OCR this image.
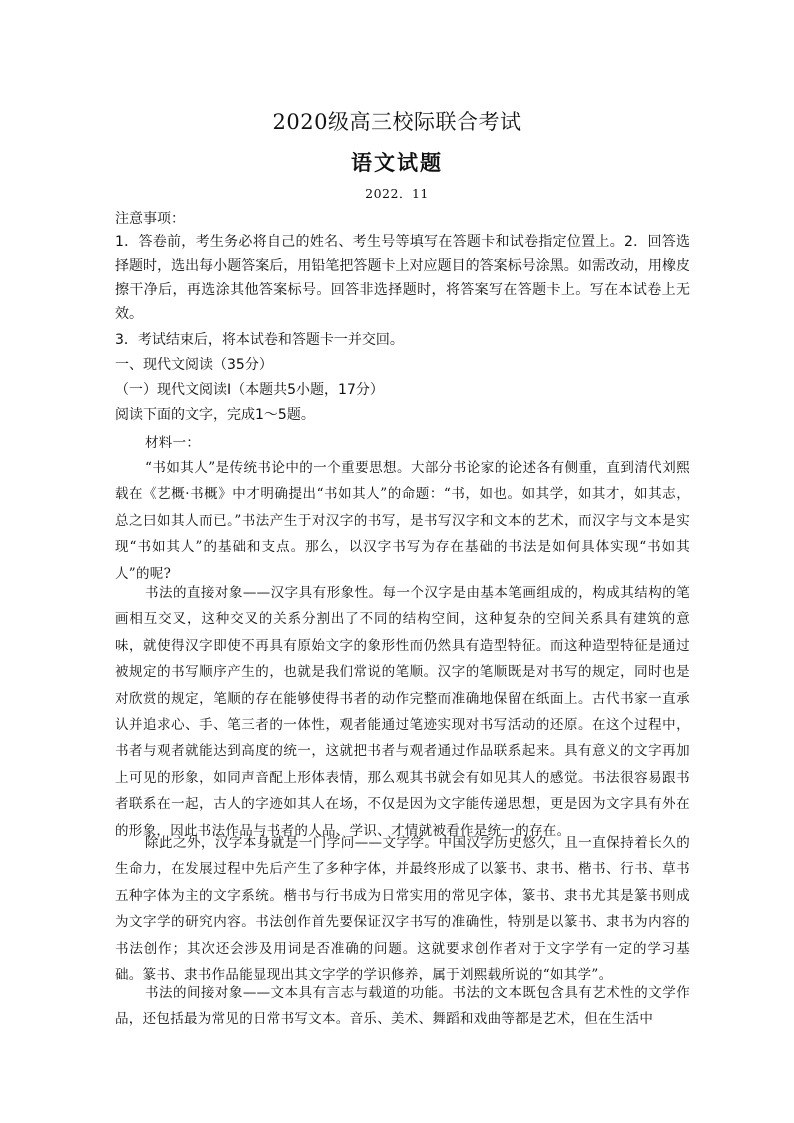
2020级高三校际联合考试
语文试题
2022．11

注意事项：

1．答卷前，考生务必将自己的姓名、考生号等填写在答题卡和试卷指定位置上。2．回答选择题时，选出每小题答案后，用铅笔把答题卡上对应题目的答案标号涂黑。如需改动，用橡皮擦干净后，再选涂其他答案标号。回答非选择题时，将答案写在答题卡上。写在本试卷上无效。

3．考试结束后，将本试卷和答题卡一并交回。

一、现代文阅读（35分）

（一）现代文阅读Ⅰ（本题共5小题，17分）

阅读下面的文字，完成1～5题。

材料一：

“书如其人”是传统书论中的一个重要思想。大部分书论家的论述各有侧重，直到清代刘熙载在《艺概·书概》中才明确提出“书如其人”的命题：“书，如也。如其学，如其才，如其志，总之曰如其人而已。”书法产生于对汉字的书写，是书写汉字和文本的艺术，而汉字与文本是实现“书如其人”的基础和支点。那么，以汉字书写为存在基础的书法是如何具体实现“书如其人”的呢?

书法的直接对象——汉字具有形象性。每一个汉字是由基本笔画组成的，构成其结构的笔画相互交叉，这种交叉的关系分割出了不同的结构空间，这种复杂的空间关系具有建筑的意味，就使得汉字即使不再具有原始文字的象形性而仍然具有造型特征。而这种造型特征是通过被规定的书写顺序产生的，也就是我们常说的笔顺。汉字的笔顺既是对书写的规定，同时也是对欣赏的规定，笔顺的存在能够使得书者的动作完整而准确地保留在纸面上。古代书家一直承认并追求心、手、笔三者的一体性，观者能通过笔迹实现对书写活动的还原。在这个过程中，书者与观者就能达到高度的统一，这就把书者与观者通过作品联系起来。具有意义的文字再加上可见的形象，如同声音配上形体表情，那么观其书就会有如见其人的感觉。书法很容易跟书者联系在一起，古人的字迹如其人在场，不仅是因为文字能传递思想，更是因为文字具有外在的形象，因此书法作品与书者的人品、学识、才情就被看作是统一的存在。

除此之外，汉字本身就是一门学问——文字学。中国汉字历史悠久，且一直保持着长久的生命力，在发展过程中先后产生了多种字体，并最终形成了以篆书、隶书、楷书、行书、草书五种字体为主的文字系统。楷书与行书成为日常实用的常见字体，篆书、隶书尤其是篆书则成为文字学的研究内容。书法创作首先要保证汉字书写的准确性，特别是以篆书、隶书为内容的书法创作；其次还会涉及用词是否准确的问题。这就要求创作者对于文字学有一定的学习基础。篆书、隶书作品能显现出其文字学的学识修养，属于刘熙载所说的“如其学”。

书法的间接对象——文本具有言志与载道的功能。书法的文本既包含具有艺术性的文学作品，还包括最为常见的日常书写文本。音乐、美术、舞蹈和戏曲等都是艺术，但在生活中
